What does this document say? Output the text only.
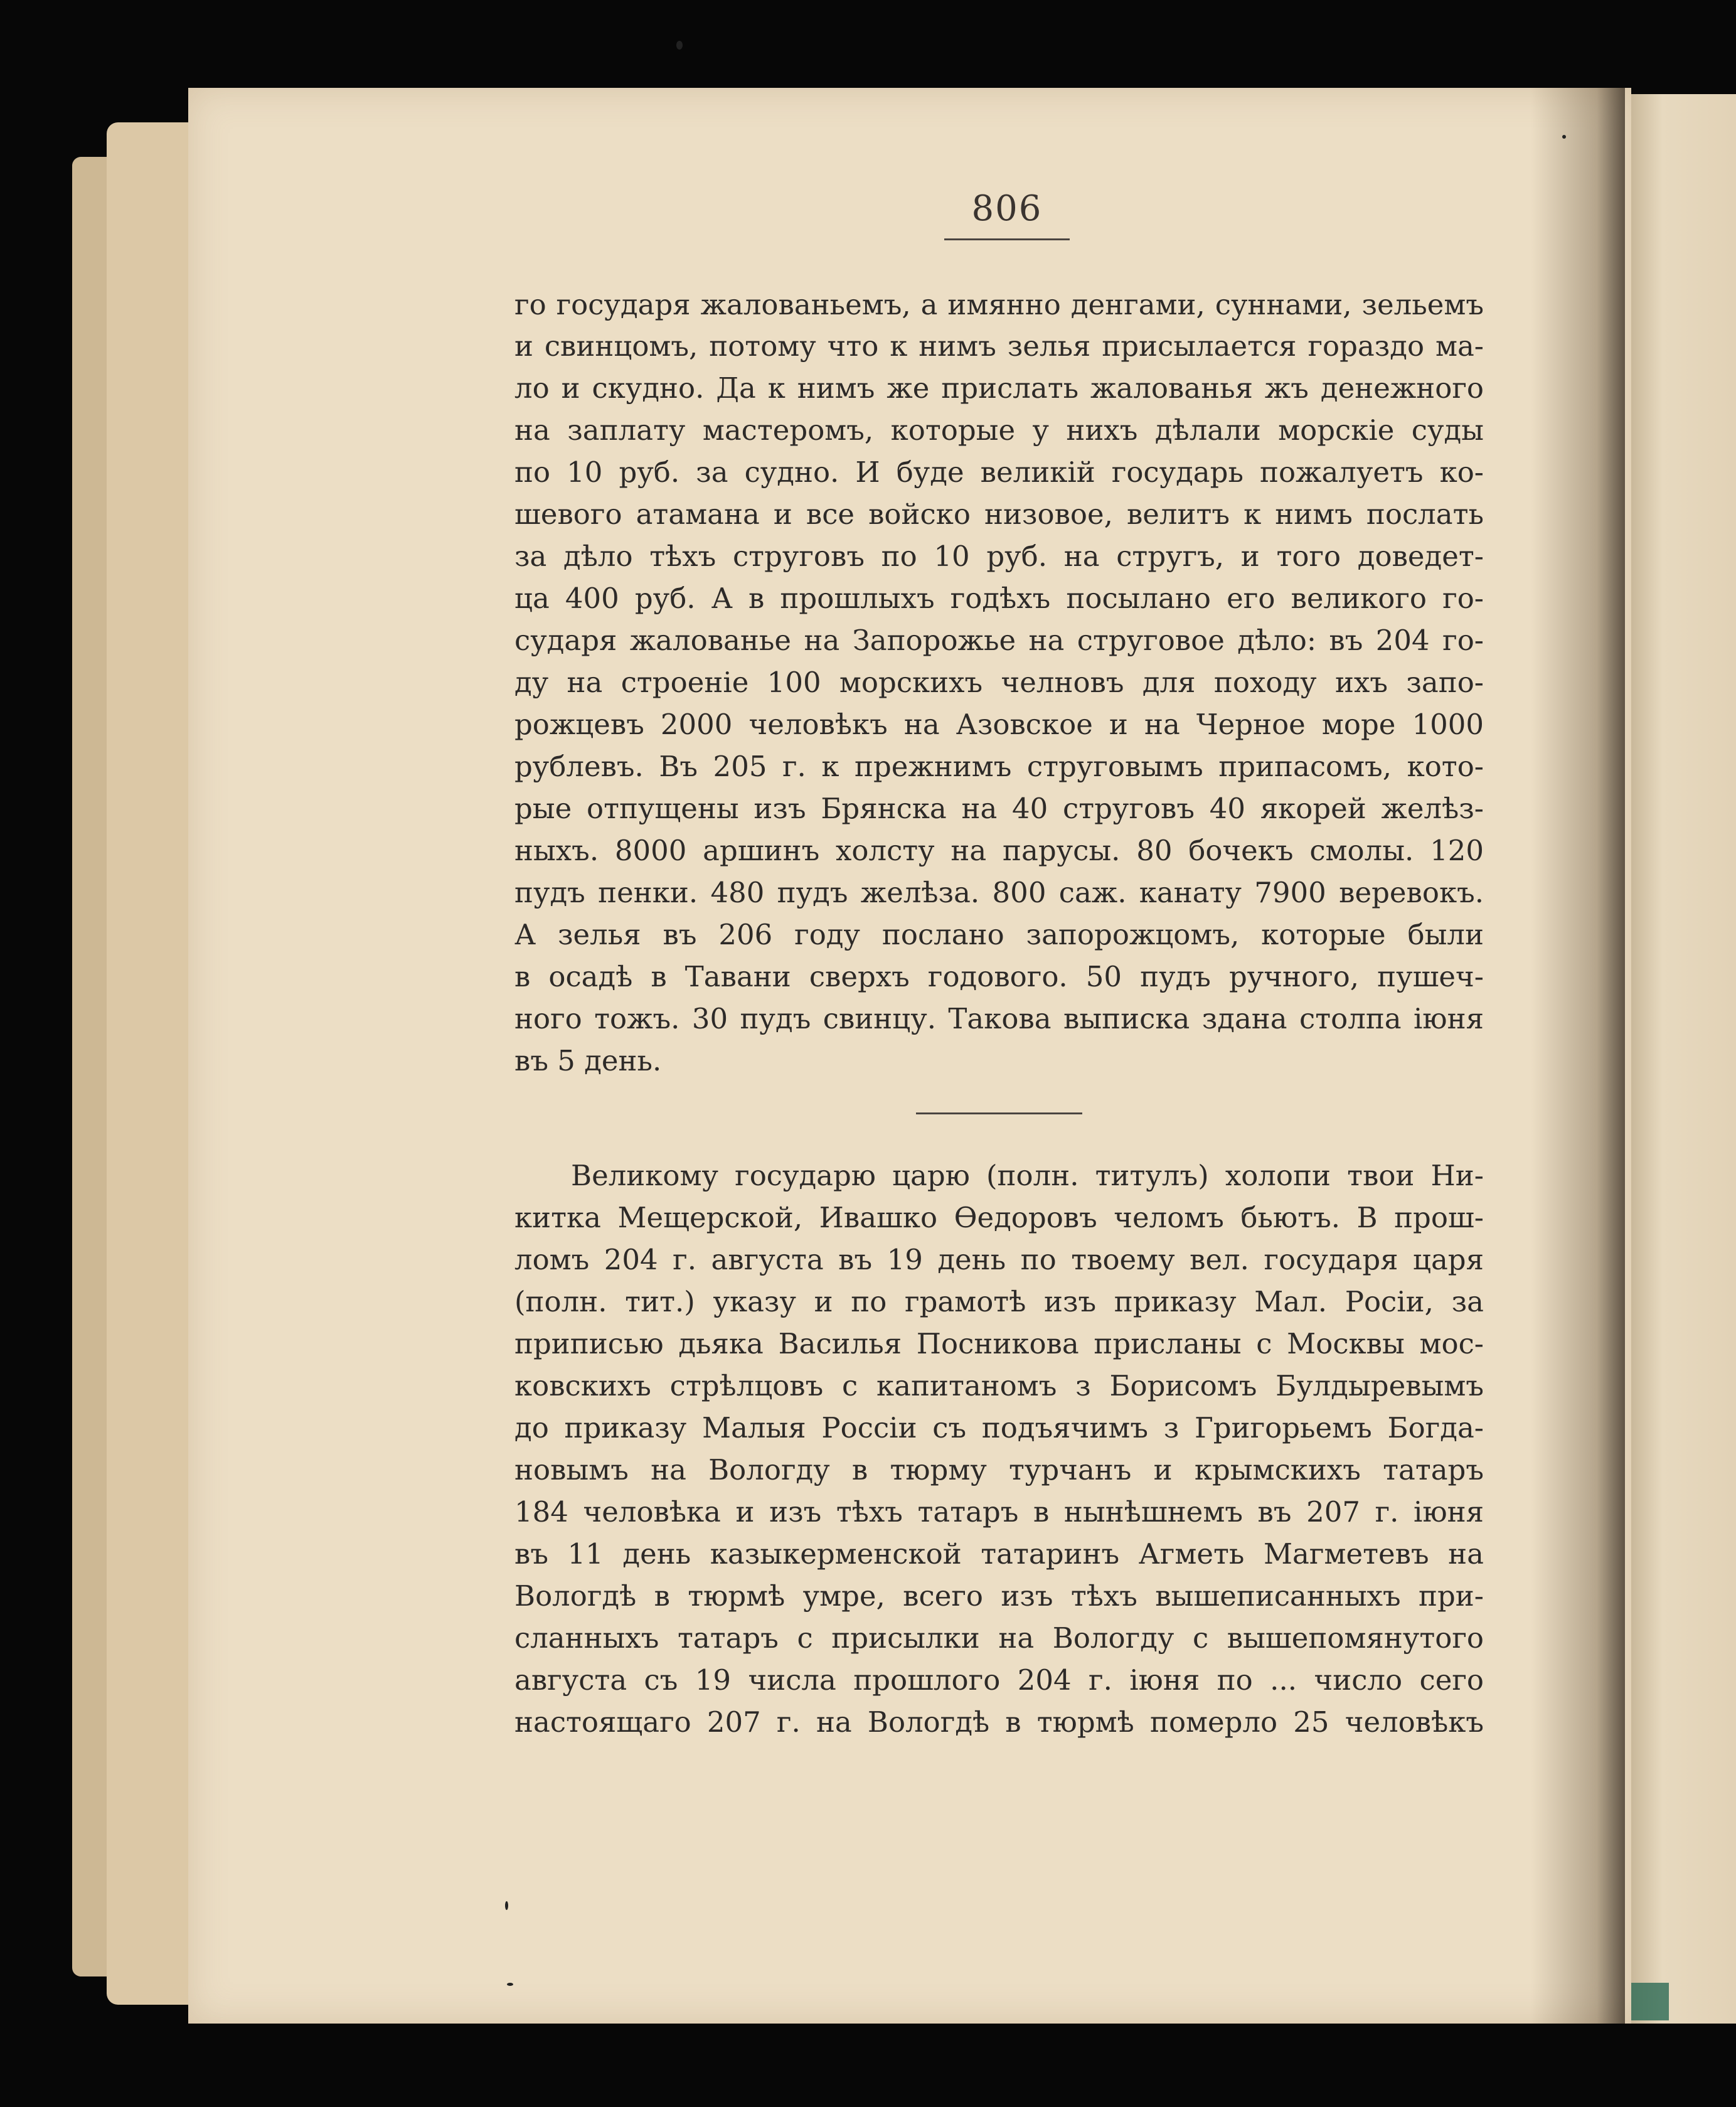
806
го государя жалованьемъ, а имянно денгами, суннами, зельемъ
и свинцомъ, потому что к нимъ зелья присылается гораздо ма-
ло и скудно. Да к нимъ же прислать жалованья жъ денежного
на заплату мастеромъ, которые у нихъ дѣлали морскіе суды
по 10 руб. за судно. И буде великій государь пожалуетъ ко-
шевого атамана и все войско низовое, велитъ к нимъ послать
за дѣло тѣхъ струговъ по 10 руб. на стругъ, и того доведет-
ца 400 руб. А в прошлыхъ годѣхъ посылано его великого го-
сударя жалованье на Запорожье на струговое дѣло: въ 204 го-
ду на строеніе 100 морскихъ челновъ для походу ихъ запо-
рожцевъ 2000 человѣкъ на Азовское и на Черное море 1000
рублевъ. Въ 205 г. к прежнимъ струговымъ припасомъ, кото-
рые отпущены изъ Брянска на 40 струговъ 40 якорей желѣз-
ныхъ. 8000 аршинъ холсту на парусы. 80 бочекъ смолы. 120
пудъ пенки. 480 пудъ желѣза. 800 саж. канату 7900 веревокъ.
А зелья въ 206 году послано запорожцомъ, которые были
в осадѣ в Тавани сверхъ годового. 50 пудъ ручного, пушеч-
ного тожъ. 30 пудъ свинцу. Такова выписка здана столпа іюня
въ 5 день.
Великому государю царю (полн. титулъ) холопи твои Ни-
китка Мещерской, Ивашко Ѳедоровъ челомъ бьютъ. В прош-
ломъ 204 г. августа въ 19 день по твоему вел. государя царя
(полн. тит.) указу и по грамотѣ изъ приказу Мал. Росіи, за
приписью дьяка Василья Посникова присланы с Москвы мос-
ковскихъ стрѣлцовъ с капитаномъ з Борисомъ Булдыревымъ
до приказу Малыя Россіи съ подъячимъ з Григорьемъ Богда-
новымъ на Вологду в тюрму турчанъ и крымскихъ татаръ
184 человѣка и изъ тѣхъ татаръ в нынѣшнемъ въ 207 г. іюня
въ 11 день казыкерменской татаринъ Агметь Магметевъ на
Вологдѣ в тюрмѣ умре, всего изъ тѣхъ вышеписанныхъ при-
сланныхъ татаръ с присылки на Вологду с вышепомянутого
августа съ 19 числа прошлого 204 г. іюня по ... число сего
настоящаго 207 г. на Вологдѣ в тюрмѣ померло 25 человѣкъ
